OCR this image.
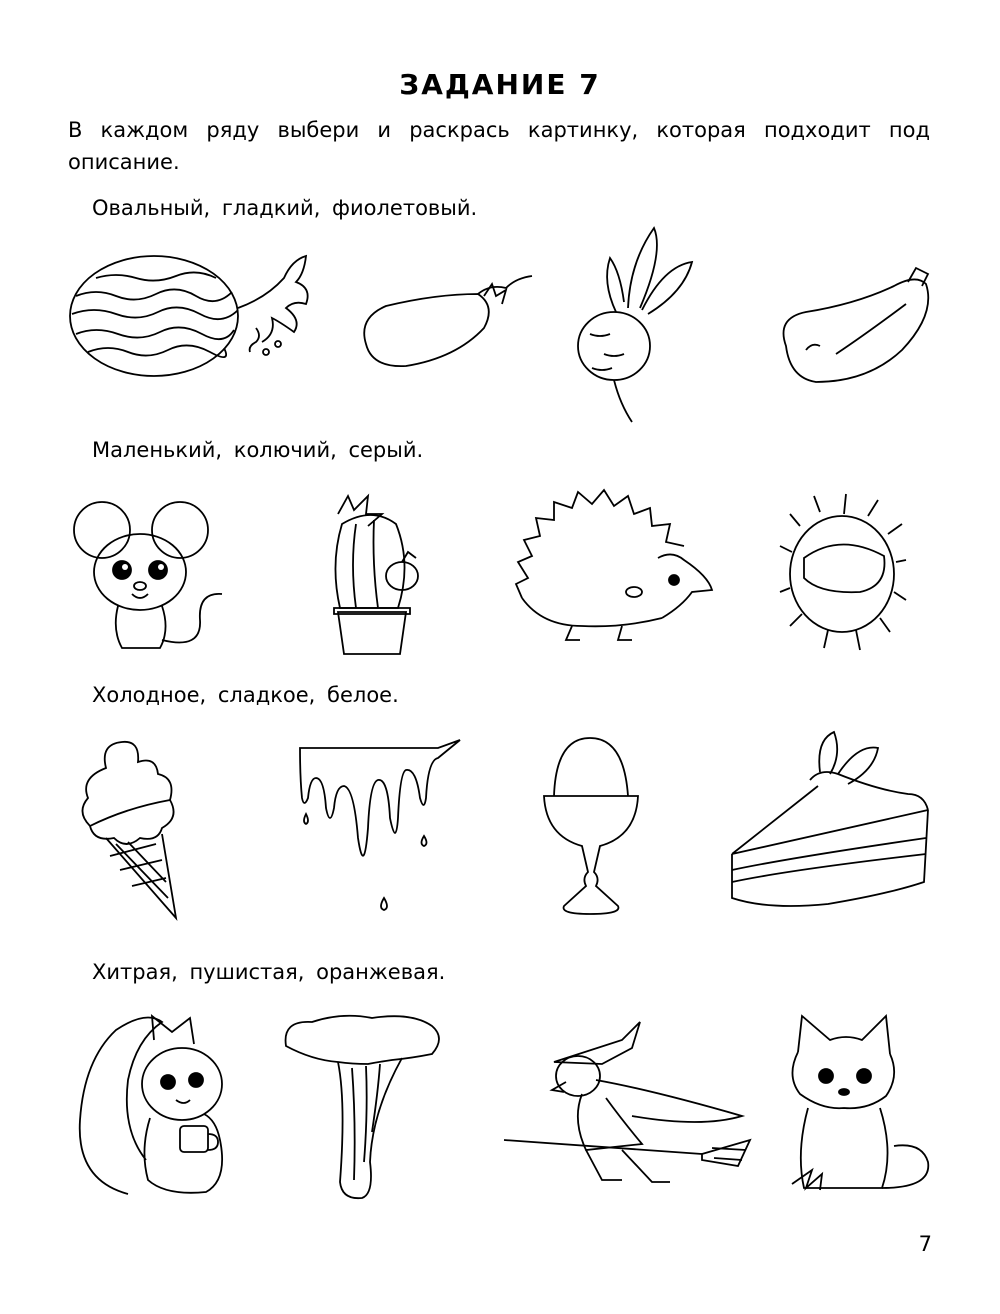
ЗАДАНИЕ 7
В каждом ряду выбери и раскрась картинку, которая подходит под описание.
Овальный, гладкий, фиолетовый.
Маленький, колючий, серый.
Холодное, сладкое, белое.
Хитрая, пушистая, оранжевая.
7
